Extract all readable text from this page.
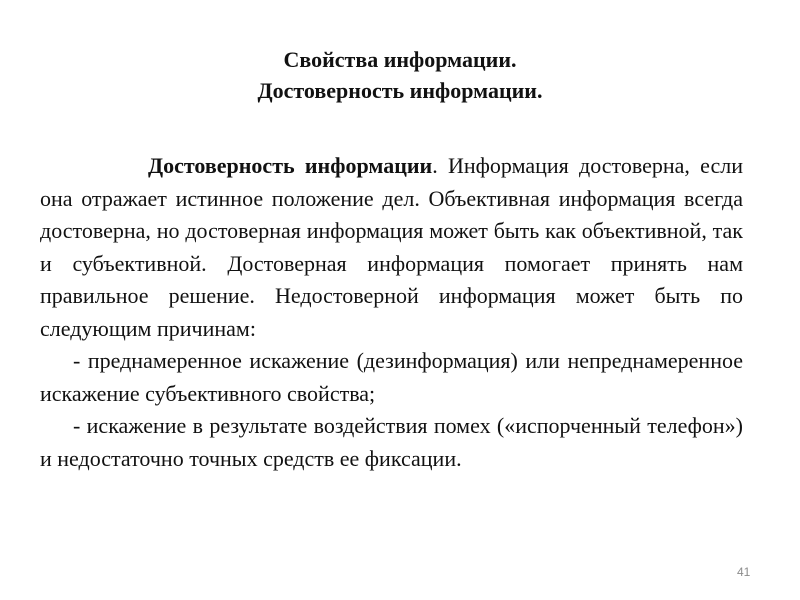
Свойства информации.
Достоверность информации.

Достоверность информации. Информация достоверна, если она отражает истинное положение дел. Объективная информация всегда достоверна, но достоверная информация может быть как объективной, так и субъективной. Достоверная информация помогает принять нам правильное решение. Недостоверной информация может быть по следующим причинам:

- преднамеренное искажение (дезинформация) или непреднамеренное искажение субъективного свойства;

- искажение в результате воздействия помех («испорченный телефон») и недостаточно точных средств ее фиксации.

41
